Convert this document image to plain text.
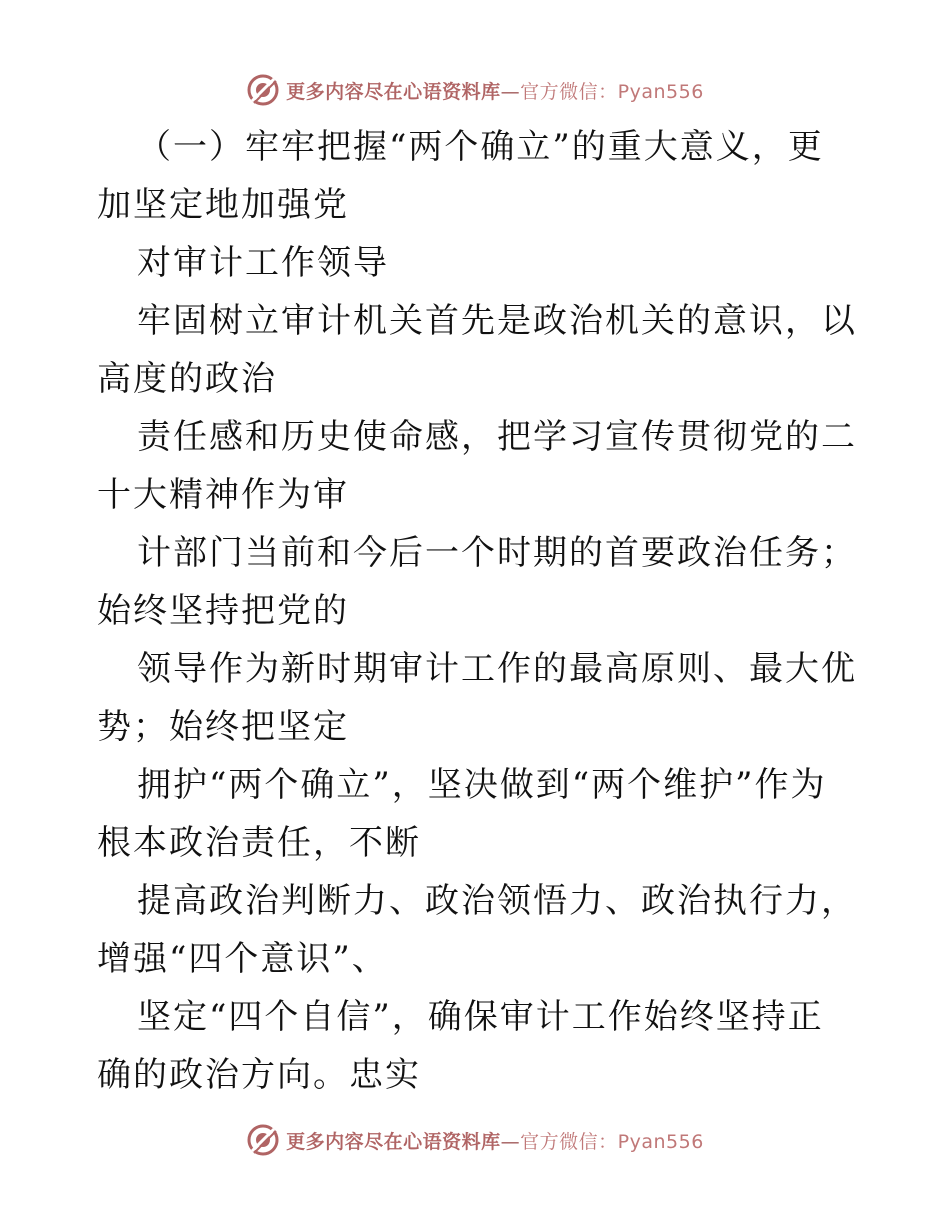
更多内容尽在心语资料库—官方微信：Pyan556

（一）牢牢把握“两个确立”的重大意义，更加坚定地加强党

对审计工作领导

牢固树立审计机关首先是政治机关的意识，以高度的政治

责任感和历史使命感，把学习宣传贯彻党的二十大精神作为审

计部门当前和今后一个时期的首要政治任务；始终坚持把党的

领导作为新时期审计工作的最高原则、最大优势；始终把坚定

拥护“两个确立”，坚决做到“两个维护”作为根本政治责任，不断

提高政治判断力、政治领悟力、政治执行力，增强“四个意识”、

坚定“四个自信”，确保审计工作始终坚持正确的政治方向。忠实

更多内容尽在心语资料库—官方微信：Pyan556
